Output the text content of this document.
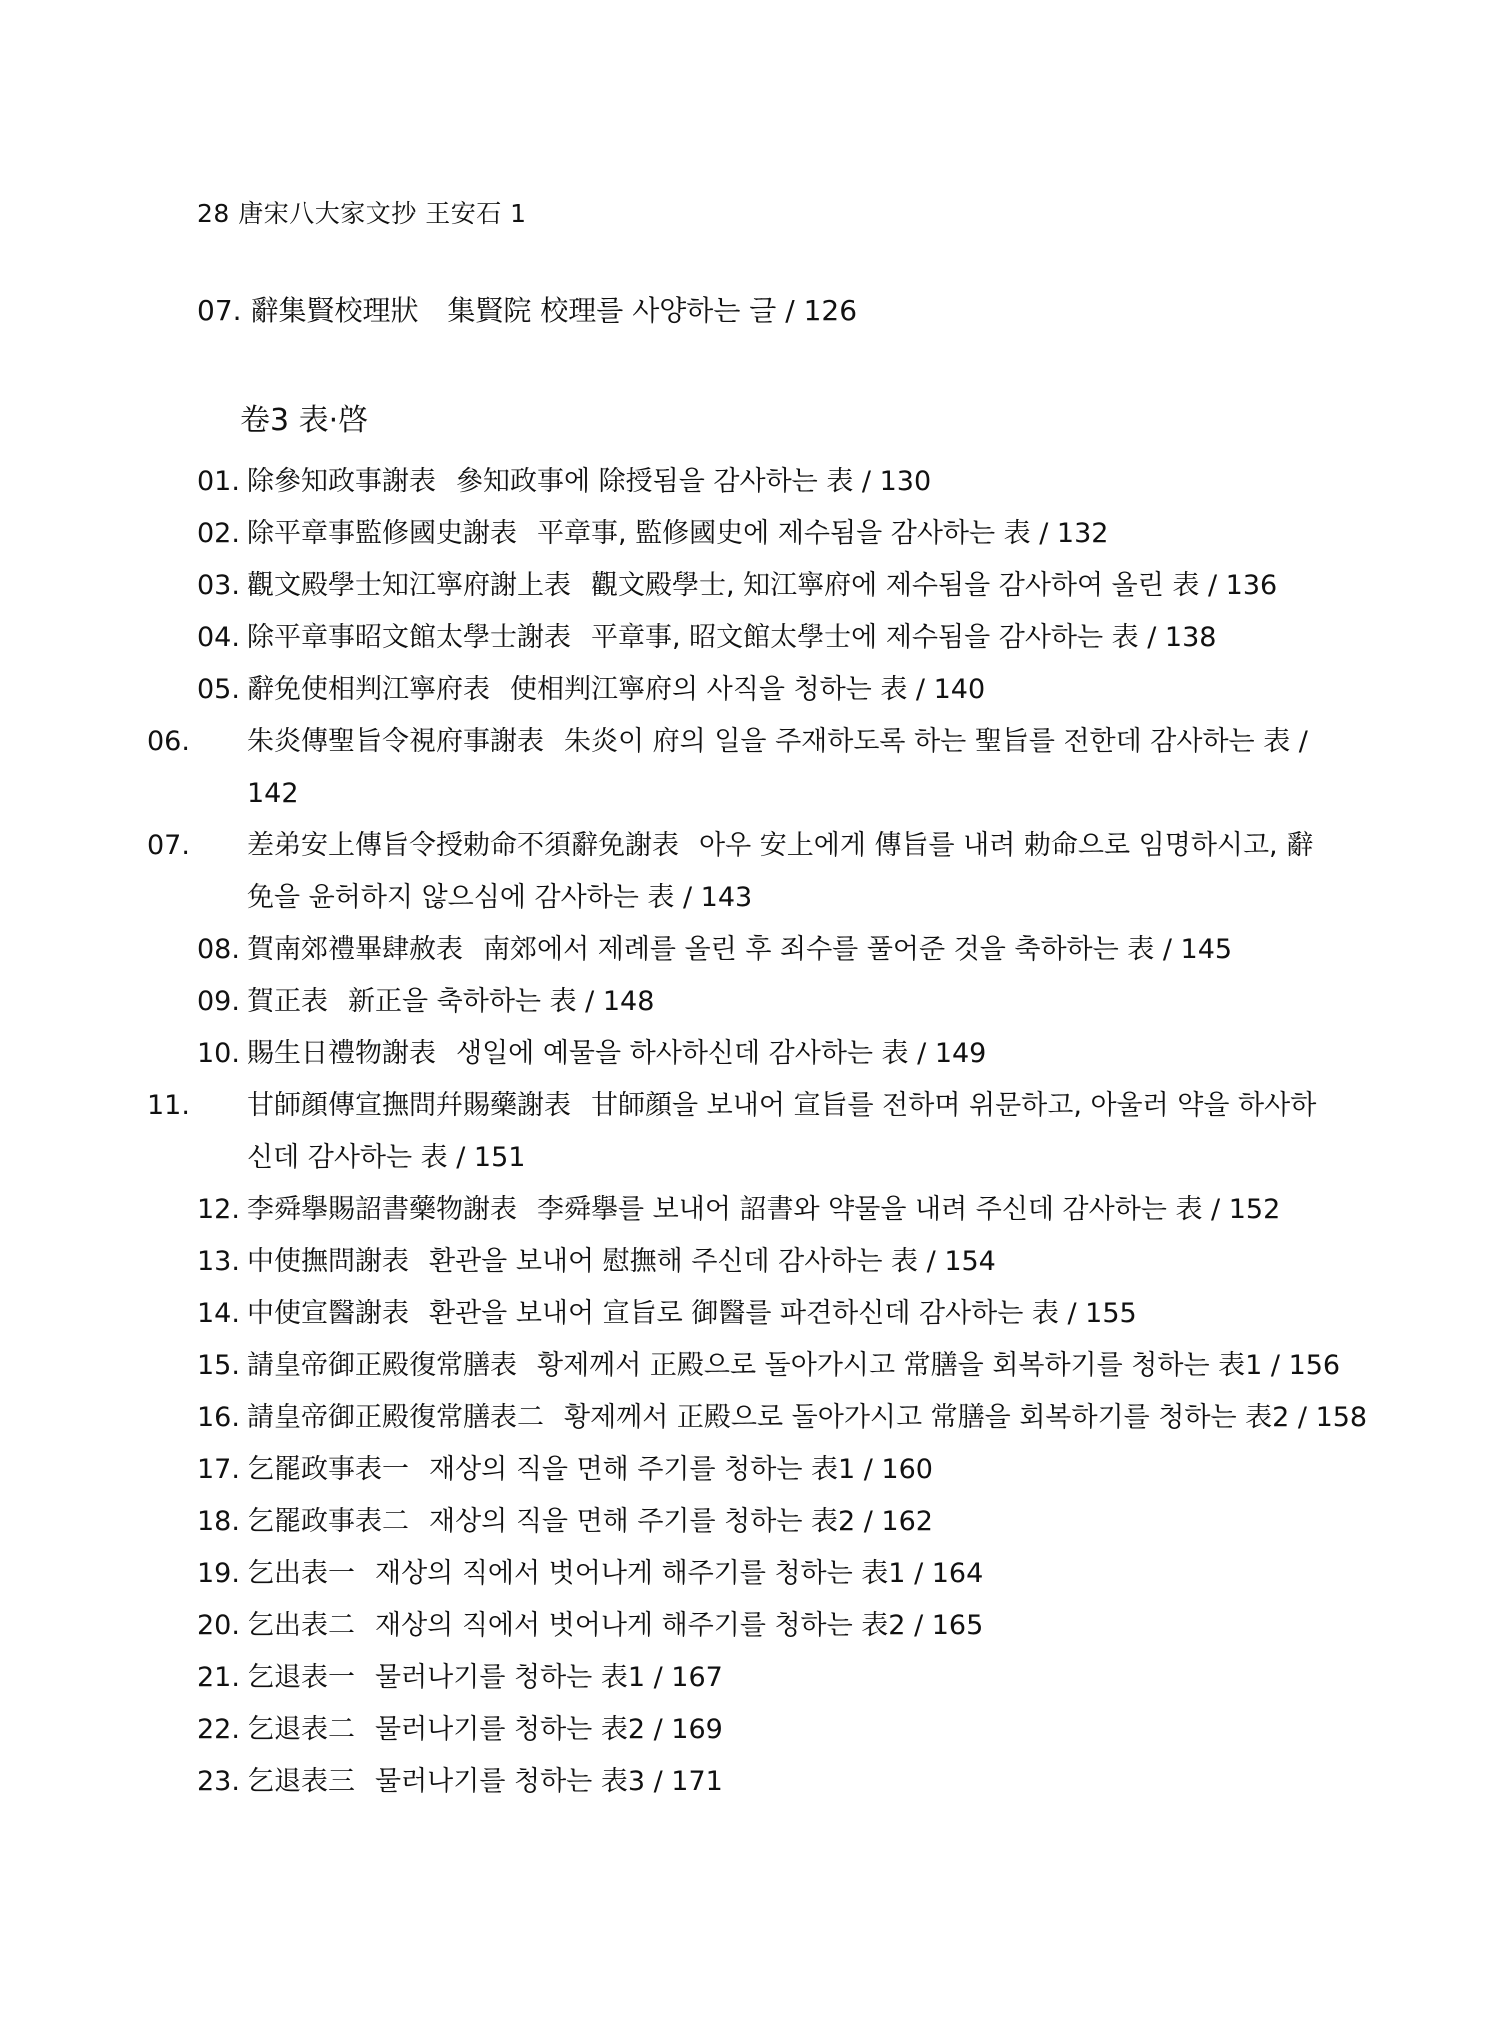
28 唐宋八大家文抄 王安石 1
07. 辭集賢校理狀 集賢院 校理를 사양하는 글 / 126
卷3 表·啓
01. 除參知政事謝表 參知政事에 除授됨을 감사하는 表 / 130
02. 除平章事監修國史謝表 平章事, 監修國史에 제수됨을 감사하는 表 / 132
03. 觀文殿學士知江寧府謝上表 觀文殿學士, 知江寧府에 제수됨을 감사하여 올린 表 / 136
04. 除平章事昭文館太學士謝表 平章事, 昭文館太學士에 제수됨을 감사하는 表 / 138
05. 辭免使相判江寧府表 使相判江寧府의 사직을 청하는 表 / 140
06. 朱炎傳聖旨令視府事謝表 朱炎이 府의 일을 주재하도록 하는 聖旨를 전한데 감사하는 表 / 142
07. 差弟安上傳旨令授勅命不須辭免謝表 아우 安上에게 傳旨를 내려 勅命으로 임명하시고, 辭免을 윤허하지 않으심에 감사하는 表 / 143
08. 賀南郊禮畢肆赦表 南郊에서 제례를 올린 후 죄수를 풀어준 것을 축하하는 表 / 145
09. 賀正表 新正을 축하하는 表 / 148
10. 賜生日禮物謝表 생일에 예물을 하사하신데 감사하는 表 / 149
11. 甘師顔傳宣撫問幷賜藥謝表 甘師顔을 보내어 宣旨를 전하며 위문하고, 아울러 약을 하사하신데 감사하는 表 / 151
12. 李舜擧賜詔書藥物謝表 李舜擧를 보내어 詔書와 약물을 내려 주신데 감사하는 表 / 152
13. 中使撫問謝表 환관을 보내어 慰撫해 주신데 감사하는 表 / 154
14. 中使宣醫謝表 환관을 보내어 宣旨로 御醫를 파견하신데 감사하는 表 / 155
15. 請皇帝御正殿復常膳表 황제께서 正殿으로 돌아가시고 常膳을 회복하기를 청하는 表1 / 156
16. 請皇帝御正殿復常膳表二 황제께서 正殿으로 돌아가시고 常膳을 회복하기를 청하는 表2 / 158
17. 乞罷政事表一 재상의 직을 면해 주기를 청하는 表1 / 160
18. 乞罷政事表二 재상의 직을 면해 주기를 청하는 表2 / 162
19. 乞出表一 재상의 직에서 벗어나게 해주기를 청하는 表1 / 164
20. 乞出表二 재상의 직에서 벗어나게 해주기를 청하는 表2 / 165
21. 乞退表一 물러나기를 청하는 表1 / 167
22. 乞退表二 물러나기를 청하는 表2 / 169
23. 乞退表三 물러나기를 청하는 表3 / 171
